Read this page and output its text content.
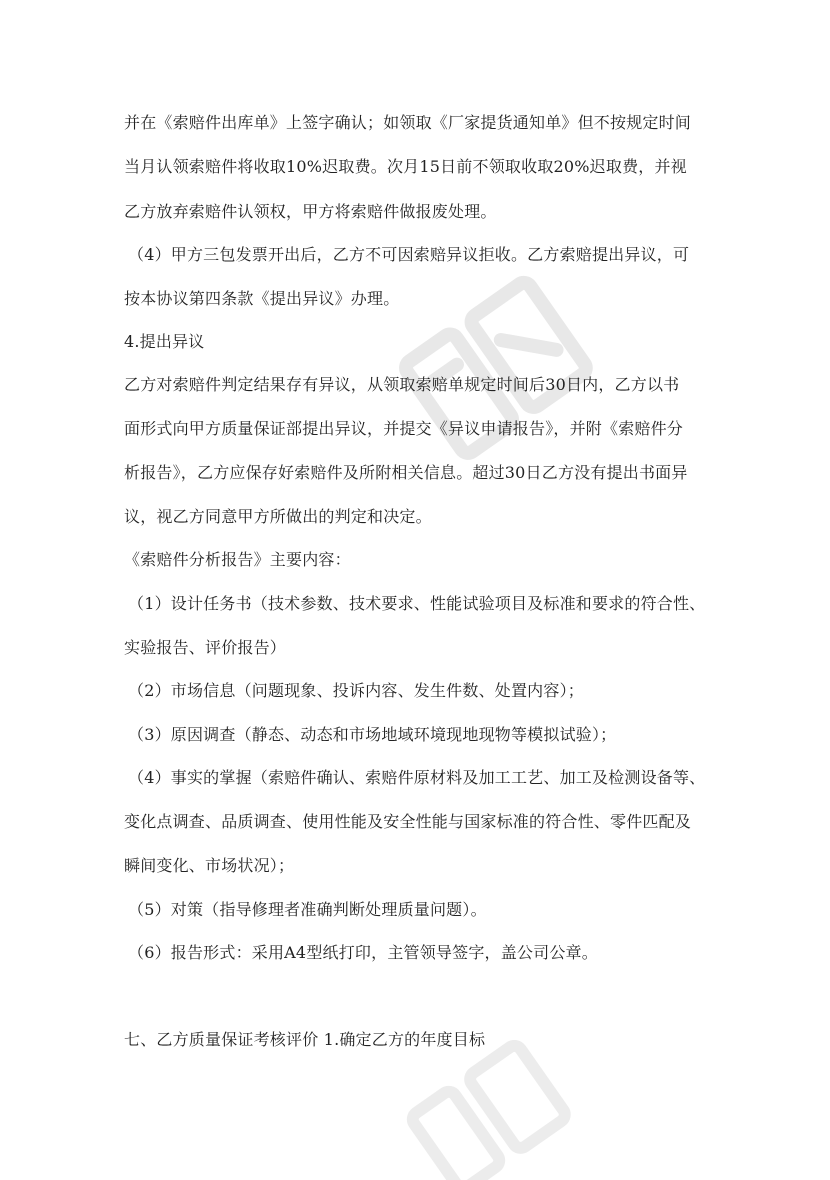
并在《索赔件出库单》上签字确认；如领取《厂家提货通知单》但不按规定时间
当月认领索赔件将收取10%迟取费。次月15日前不领取收取20%迟取费，并视
乙方放弃索赔件认领权，甲方将索赔件做报废处理。
（4）甲方三包发票开出后，乙方不可因索赔异议拒收。乙方索赔提出异议，可
按本协议第四条款《提出异议》办理。
4.提出异议
乙方对索赔件判定结果存有异议，从领取索赔单规定时间后30日内，乙方以书
面形式向甲方质量保证部提出异议，并提交《异议申请报告》，并附《索赔件分
析报告》，乙方应保存好索赔件及所附相关信息。超过30日乙方没有提出书面异
议，视乙方同意甲方所做出的判定和决定。
《索赔件分析报告》主要内容：
（1）设计任务书（技术参数、技术要求、性能试验项目及标准和要求的符合性、
实验报告、评价报告）
（2）市场信息（问题现象、投诉内容、发生件数、处置内容）；
（3）原因调查（静态、动态和市场地域环境现地现物等模拟试验）；
（4）事实的掌握（索赔件确认、索赔件原材料及加工工艺、加工及检测设备等、
变化点调查、品质调查、使用性能及安全性能与国家标准的符合性、零件匹配及
瞬间变化、市场状况）；
（5）对策（指导修理者准确判断处理质量问题）。
（6）报告形式：采用A4型纸打印，主管领导签字，盖公司公章。
七、乙方质量保证考核评价 1.确定乙方的年度目标
